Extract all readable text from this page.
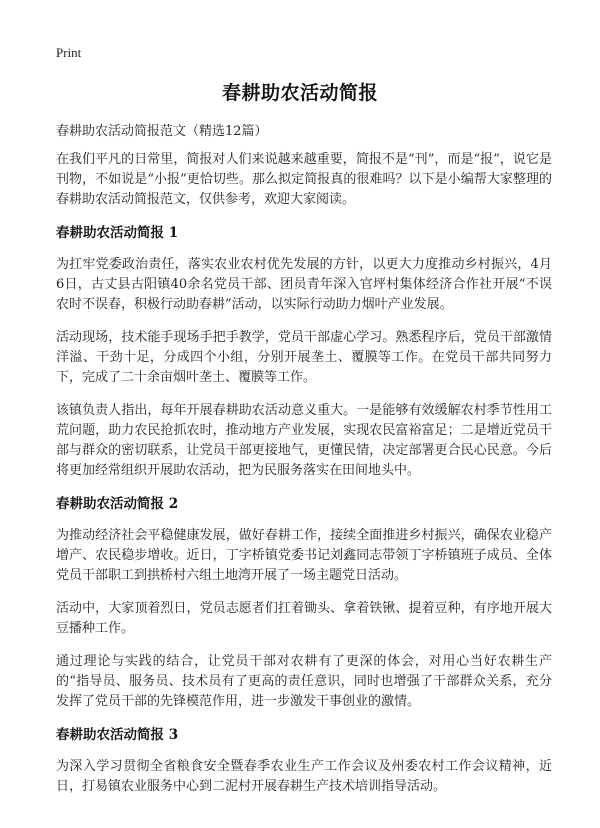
Print
春耕助农活动简报
春耕助农活动简报范文（精选12篇）

在我们平凡的日常里，简报对人们来说越来越重要，简报不是“刊”，而是“报”，说它是刊物，不如说是“小报”更恰切些。那么拟定简报真的很难吗？以下是小编帮大家整理的春耕助农活动简报范文，仅供参考，欢迎大家阅读。

春耕助农活动简报 1

为扛牢党委政治责任，落实农业农村优先发展的方针，以更大力度推动乡村振兴，4月6日，古丈县古阳镇40余名党员干部、团员青年深入官坪村集体经济合作社开展“不误农时不误春，积极行动助春耕”活动，以实际行动助力烟叶产业发展。

活动现场，技术能手现场手把手教学，党员干部虚心学习。熟悉程序后，党员干部激情洋溢、干劲十足，分成四个小组，分别开展垄土、覆膜等工作。在党员干部共同努力下，完成了二十余亩烟叶垄土、覆膜等工作。

该镇负责人指出，每年开展春耕助农活动意义重大。一是能够有效缓解农村季节性用工荒问题，助力农民抢抓农时，推动地方产业发展，实现农民富裕富足；二是增近党员干部与群众的密切联系，让党员干部更接地气，更懂民情，决定部署更合民心民意。今后将更加经常组织开展助农活动，把为民服务落实在田间地头中。

春耕助农活动简报 2

为推动经济社会平稳健康发展，做好春耕工作，接续全面推进乡村振兴，确保农业稳产增产、农民稳步增收。近日，丁字桥镇党委书记刘鑫同志带领丁字桥镇班子成员、全体党员干部职工到拱桥村六组土地湾开展了一场主题党日活动。

活动中，大家顶着烈日，党员志愿者们扛着锄头、拿着铁锹、提着豆种，有序地开展大豆播种工作。

通过理论与实践的结合，让党员干部对农耕有了更深的体会，对用心当好农耕生产的“指导员、服务员、技术员有了更高的责任意识，同时也增强了干部群众关系，充分发挥了党员干部的先锋模范作用，进一步激发干事创业的激情。

春耕助农活动简报 3

为深入学习贯彻全省粮食安全暨春季农业生产工作会议及州委农村工作会议精神，近日，打易镇农业服务中心到二泥村开展春耕生产技术培训指导活动。
